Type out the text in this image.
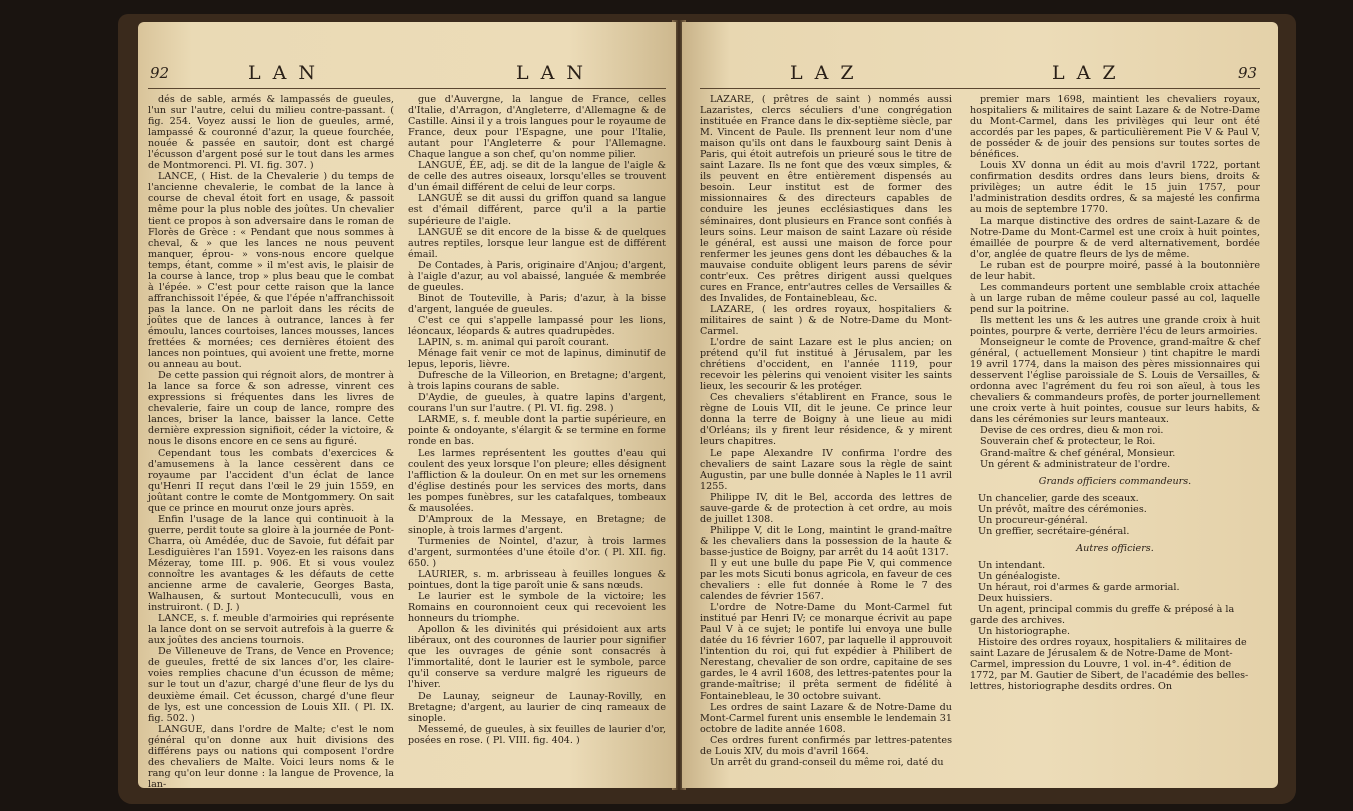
92	L A N	L A N

dés de sable, armés & lampassés de gueules, l'un sur l'autre, celui du milieu contre-passant. ( fig. 254. Voyez aussi le lion de gueules, armé, lampassé & couronné d'azur, la queue fourchée, nouée & passée en sautoir, dont est chargé l'écusson d'argent posé sur le tout dans les armes de Montmorenci. Pl. VI. fig. 307. )

LANCE, ( Hist. de la Chevalerie ) du temps de l'ancienne chevalerie, le combat de la lance à course de cheval étoit fort en usage, & passoit même pour la plus noble des joûtes. Un chevalier tient ce propos à son adversaire dans le roman de Florès de Grèce : « Pendant que nous sommes à cheval, & » que les lances ne nous peuvent manquer, éprou- » vons-nous encore quelque temps, étant, comme » il m'est avis, le plaisir de la course à lance, trop » plus beau que le combat à l'épée. » C'est pour cette raison que la lance affranchissoit l'épée, & que l'épée n'affranchissoit pas la lance. On ne parloit dans les récits de joûtes que de lances à outrance, lances à fer émoulu, lances courtoises, lances mousses, lances frettées & mornées; ces dernières étoient des lances non pointues, qui avoient une frette, morne ou anneau au bout.

De cette passion qui régnoit alors, de montrer à la lance sa force & son adresse, vinrent ces expressions si fréquentes dans les livres de chevalerie, faire un coup de lance, rompre des lances, briser la lance, baisser la lance. Cette dernière expression signifioit, céder la victoire, & nous le disons encore en ce sens au figuré.

Cependant tous les combats d'exercices & d'amusemens à la lance cessèrent dans ce royaume par l'accident d'un éclat de lance qu'Henri II reçut dans l'œil le 29 juin 1559, en joûtant contre le comte de Montgommery. On sait que ce prince en mourut onze jours après.

Enfin l'usage de la lance qui continuoit à la guerre, perdit toute sa gloire à la journée de Pont-Charra, où Amédée, duc de Savoie, fut défait par Lesdiguières l'an 1591. Voyez-en les raisons dans Mézeray, tome III. p. 906. Et si vous voulez connoître les avantages & les défauts de cette ancienne arme de cavalerie, Georges Basta, Walhausen, & surtout Montecucullì, vous en instruiront. ( D. J. )

LANCE, s. f. meuble d'armoiries qui représente la lance dont on se servoit autrefois à la guerre & aux joûtes des anciens tournois.

De Villeneuve de Trans, de Vence en Provence; de gueules, fretté de six lances d'or, les claire-voies remplies chacune d'un écusson de même; sur le tout un d'azur, chargé d'une fleur de lys du deuxième émail. Cet écusson, chargé d'une fleur de lys, est une concession de Louis XII. ( Pl. IX. fig. 502. )

LANGUE, dans l'ordre de Malte; c'est le nom général qu'on donne aux huit divisions des différens pays ou nations qui composent l'ordre des chevaliers de Malte. Voici leurs noms & le rang qu'on leur donne : la langue de Provence, la lan-

gue d'Auvergne, la langue de France, celles d'Italie, d'Arragon, d'Angleterre, d'Allemagne & de Castille. Ainsi il y a trois langues pour le royaume de France, deux pour l'Espagne, une pour l'Italie, autant pour l'Angleterre & pour l'Allemagne. Chaque langue a son chef, qu'on nomme pilier.

LANGUÉ, ÉE, adj. se dit de la langue de l'aigle & de celle des autres oiseaux, lorsqu'elles se trouvent d'un émail différent de celui de leur corps.

LANGUÉ se dit aussi du griffon quand sa langue est d'émail différent, parce qu'il a la partie supérieure de l'aigle.

LANGUÉ se dit encore de la bisse & de quelques autres reptiles, lorsque leur langue est de différent émail.

De Contades, à Paris, originaire d'Anjou; d'argent, à l'aigle d'azur, au vol abaissé, languée & membrée de gueules.

Binot de Touteville, à Paris; d'azur, à la bisse d'argent, languée de gueules.

C'est ce qui s'appelle lampassé pour les lions, léoncaux, léopards & autres quadrupèdes.

LAPIN, s. m. animal qui paroît courant.

Ménage fait venir ce mot de lapinus, diminutif de lepus, leporis, lièvre.

Dufresche de la Villeorion, en Bretagne; d'argent, à trois lapins courans de sable.

D'Aydie, de gueules, à quatre lapins d'argent, courans l'un sur l'autre. ( Pl. VI. fig. 298. )

LARME, s. f. meuble dont la partie supérieure, en pointe & ondoyante, s'élargit & se termine en forme ronde en bas.

Les larmes représentent les gouttes d'eau qui coulent des yeux lorsque l'on pleure; elles désignent l'affliction & la douleur. On en met sur les ornemens d'église destinés pour les services des morts, dans les pompes funèbres, sur les catafalques, tombeaux & mausolées.

D'Amproux de la Messaye, en Bretagne; de sinople, à trois larmes d'argent.

Turmenies de Nointel, d'azur, à trois larmes d'argent, surmontées d'une étoile d'or. ( Pl. XII. fig. 650. )

LAURIER, s. m. arbrisseau à feuilles longues & pointues, dont la tige paroît unie & sans nœuds.

Le laurier est le symbole de la victoire; les Romains en couronnoient ceux qui recevoient les honneurs du triomphe.

Apollon & les divinités qui présidoient aux arts libéraux, ont des couronnes de laurier pour signifier que les ouvrages de génie sont consacrés à l'immortalité, dont le laurier est le symbole, parce qu'il conserve sa verdure malgré les rigueurs de l'hiver.

De Launay, seigneur de Launay-Rovilly, en Bretagne; d'argent, au laurier de cinq rameaux de sinople.

Messemé, de gueules, à six feuilles de laurier d'or, posées en rose. ( Pl. VIII. fig. 404. )

L A Z	L A Z	93

LAZARE, ( prêtres de saint ) nommés aussi Lazaristes, clercs séculiers d'une congrégation instituée en France dans le dix-septième siècle, par M. Vincent de Paule. Ils prennent leur nom d'une maison qu'ils ont dans le fauxbourg saint Denis à Paris, qui étoit autrefois un prieuré sous le titre de saint Lazare. Ils ne font que des vœux simples, & ils peuvent en être entièrement dispensés au besoin. Leur institut est de former des missionnaires & des directeurs capables de conduire les jeunes ecclésiastiques dans les séminaires, dont plusieurs en France sont confiés à leurs soins. Leur maison de saint Lazare où réside le général, est aussi une maison de force pour renfermer les jeunes gens dont les débauches & la mauvaise conduite obligent leurs parens de sévir contr'eux. Ces prêtres dirigent aussi quelques cures en France, entr'autres celles de Versailles & des Invalides, de Fontainebleau, &c.

LAZARE, ( les ordres royaux, hospitaliers & militaires de saint ) & de Notre-Dame du Mont-Carmel.

L'ordre de saint Lazare est le plus ancien; on prétend qu'il fut institué à Jérusalem, par les chrétiens d'occident, en l'année 1119, pour recevoir les pèlerins qui venoient visiter les saints lieux, les secourir & les protéger.

Ces chevaliers s'établirent en France, sous le règne de Louis VII, dit le jeune. Ce prince leur donna la terre de Boigny à une lieue au midi d'Orléans; ils y firent leur résidence, & y mirent leurs chapitres.

Le pape Alexandre IV confirma l'ordre des chevaliers de saint Lazare sous la règle de saint Augustin, par une bulle donnée à Naples le 11 avril 1255.

Philippe IV, dit le Bel, accorda des lettres de sauve-garde & de protection à cet ordre, au mois de juillet 1308.

Philippe V, dit le Long, maintint le grand-maître & les chevaliers dans la possession de la haute & basse-justice de Boigny, par arrêt du 14 août 1317.

Il y eut une bulle du pape Pie V, qui commence par les mots Sicuti bonus agricola, en faveur de ces chevaliers : elle fut donnée à Rome le 7 des calendes de février 1567.

L'ordre de Notre-Dame du Mont-Carmel fut institué par Henri IV; ce monarque écrivit au pape Paul V à ce sujet; le pontife lui envoya une bulle datée du 16 février 1607, par laquelle il approuvoit l'intention du roi, qui fut expédier à Philibert de Nerestang, chevalier de son ordre, capitaine de ses gardes, le 4 avril 1608, des lettres-patentes pour la grande-maîtrise; il prêta serment de fidélité à Fontainebleau, le 30 octobre suivant.

Les ordres de saint Lazare & de Notre-Dame du Mont-Carmel furent unis ensemble le lendemain 31 octobre de ladite année 1608.

Ces ordres furent confirmés par lettres-patentes de Louis XIV, du mois d'avril 1664.

Un arrêt du grand-conseil du même roi, daté du

premier mars 1698, maintient les chevaliers royaux, hospitaliers & militaires de saint Lazare & de Notre-Dame du Mont-Carmel, dans les privilèges qui leur ont été accordés par les papes, & particulièrement Pie V & Paul V, de posséder & de jouir des pensions sur toutes sortes de bénéfices.

Louis XV donna un édit au mois d'avril 1722, portant confirmation desdits ordres dans leurs biens, droits & privilèges; un autre édit le 15 juin 1757, pour l'administration desdits ordres, & sa majesté les confirma au mois de septembre 1770.

La marque distinctive des ordres de saint-Lazare & de Notre-Dame du Mont-Carmel est une croix à huit pointes, émaillée de pourpre & de verd alternativement, bordée d'or, anglée de quatre fleurs de lys de même.

Le ruban est de pourpre moiré, passé à la boutonnière de leur habit.

Les commandeurs portent une semblable croix attachée à un large ruban de même couleur passé au col, laquelle pend sur la poitrine.

Ils mettent les uns & les autres une grande croix à huit pointes, pourpre & verte, derrière l'écu de leurs armoiries.

Monseigneur le comte de Provence, grand-maître & chef général, ( actuellement Monsieur ) tint chapitre le mardi 19 avril 1774, dans la maison des pères missionnaires qui desservent l'église paroissiale de S. Louis de Versailles, & ordonna avec l'agrément du feu roi son aïeul, à tous les chevaliers & commandeurs profès, de porter journellement une croix verte à huit pointes, cousue sur leurs habits, & dans les cérémonies sur leurs manteaux.

Devise de ces ordres, dieu & mon roi.

Souverain chef & protecteur, le Roi.

Grand-maître & chef général, Monsieur.

Un gérent & administrateur de l'ordre.

Grands officiers commandeurs.

Un chancelier, garde des sceaux.

Un prévôt, maître des cérémonies.

Un procureur-général.

Un greffier, secrétaire-général.

Autres officiers.

Un intendant.

Un généalogiste.

Un héraut, roi d'armes & garde armorial.

Deux huissiers.

Un agent, principal commis du greffe & préposé à la garde des archives.

Un historiographe.

Histoire des ordres royaux, hospitaliers & militaires de saint Lazare de Jérusalem & de Notre-Dame de Mont-Carmel, impression du Louvre, 1 vol. in-4°. édition de 1772, par M. Gautier de Sibert, de l'académie des belles-lettres, historiographe desdits ordres. On
